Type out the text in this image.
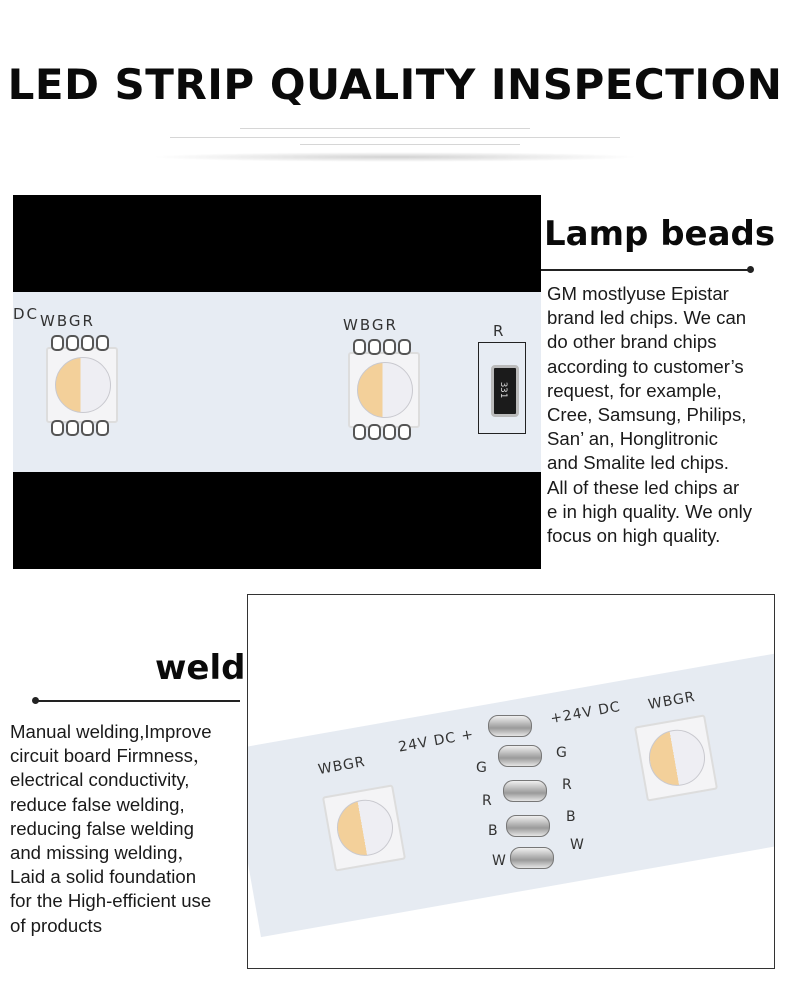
LED STRIP QUALITY INSPECTION
DC WBGR	WBGR	R
331
Lamp beads
GM mostlyuse Epistar
brand led chips. We can
do other brand chips
according to customer’s
request, for example,
Cree, Samsung, Philips,
San’ an, Honglitronic
and Smalite led chips.
All of these led chips ar
e in high quality. We only
focus on high quality.
weld
Manual welding,Improve
circuit board Firmness，
electrical conductivity,
reduce false welding,
reducing false welding
and missing welding，
Laid a solid foundation
for the High-efficient use
of products
WBGR
24V DC +
+24V DC WBGR
G
R
B
W
G
R
B
W
